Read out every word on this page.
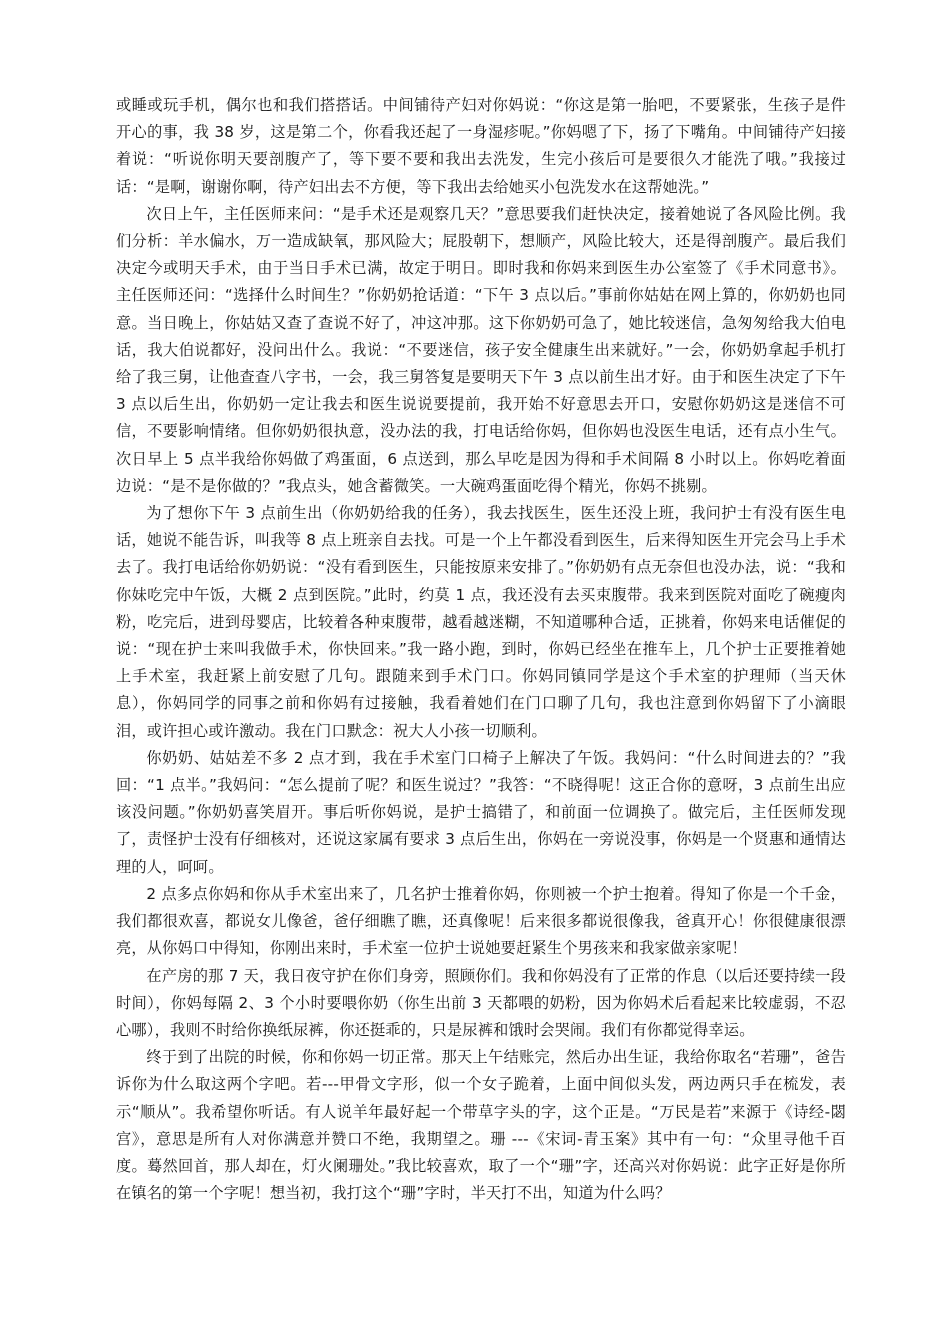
或睡或玩手机，偶尔也和我们搭搭话。中间铺待产妇对你妈说：“你这是第一胎吧，不要紧张，生孩子是件开心的事，我 38 岁，这是第二个，你看我还起了一身湿疹呢。”你妈嗯了下，扬了下嘴角。中间铺待产妇接着说：“听说你明天要剖腹产了，等下要不要和我出去洗发，生完小孩后可是要很久才能洗了哦。”我接过话：“是啊，谢谢你啊，待产妇出去不方便，等下我出去给她买小包洗发水在这帮她洗。”

次日上午，主任医师来问：“是手术还是观察几天？”意思要我们赶快决定，接着她说了各风险比例。我们分析：羊水偏水，万一造成缺氧，那风险大；屁股朝下，想顺产，风险比较大，还是得剖腹产。最后我们决定今或明天手术，由于当日手术已满，故定于明日。即时我和你妈来到医生办公室签了《手术同意书》。主任医师还问：“选择什么时间生？”你奶奶抢话道：“下午 3 点以后。”事前你姑姑在网上算的，你奶奶也同意。当日晚上，你姑姑又查了查说不好了，冲这冲那。这下你奶奶可急了，她比较迷信，急匆匆给我大伯电话，我大伯说都好，没问出什么。我说：“不要迷信，孩子安全健康生出来就好。”一会，你奶奶拿起手机打给了我三舅，让他查查八字书，一会，我三舅答复是要明天下午 3 点以前生出才好。由于和医生决定了下午 3 点以后生出，你奶奶一定让我去和医生说说要提前，我开始不好意思去开口，安慰你奶奶这是迷信不可信，不要影响情绪。但你奶奶很执意，没办法的我，打电话给你妈，但你妈也没医生电话，还有点小生气。次日早上 5 点半我给你妈做了鸡蛋面，6 点送到，那么早吃是因为得和手术间隔 8 小时以上。你妈吃着面边说：“是不是你做的？”我点头，她含蓄微笑。一大碗鸡蛋面吃得个精光，你妈不挑剔。

为了想你下午 3 点前生出（你奶奶给我的任务），我去找医生，医生还没上班，我问护士有没有医生电话，她说不能告诉，叫我等 8 点上班亲自去找。可是一个上午都没看到医生，后来得知医生开完会马上手术去了。我打电话给你奶奶说：“没有看到医生，只能按原来安排了。”你奶奶有点无奈但也没办法，说：“我和你妹吃完中午饭，大概 2 点到医院。”此时，约莫 1 点，我还没有去买束腹带。我来到医院对面吃了碗瘦肉粉，吃完后，进到母婴店，比较着各种束腹带，越看越迷糊，不知道哪种合适，正挑着，你妈来电话催促的说：“现在护士来叫我做手术，你快回来。”我一路小跑，到时，你妈已经坐在推车上，几个护士正要推着她上手术室，我赶紧上前安慰了几句。跟随来到手术门口。你妈同镇同学是这个手术室的护理师（当天休息），你妈同学的同事之前和你妈有过接触，我看着她们在门口聊了几句，我也注意到你妈留下了小滴眼泪，或许担心或许激动。我在门口默念：祝大人小孩一切顺利。

你奶奶、姑姑差不多 2 点才到，我在手术室门口椅子上解决了午饭。我妈问：“什么时间进去的？”我回：“1 点半。”我妈问：“怎么提前了呢？和医生说过？”我答：“不晓得呢！这正合你的意呀，3 点前生出应该没问题。”你奶奶喜笑眉开。事后听你妈说，是护士搞错了，和前面一位调换了。做完后，主任医师发现了，责怪护士没有仔细核对，还说这家属有要求 3 点后生出，你妈在一旁说没事，你妈是一个贤惠和通情达理的人，呵呵。

2 点多点你妈和你从手术室出来了，几名护士推着你妈，你则被一个护士抱着。得知了你是一个千金，我们都很欢喜，都说女儿像爸，爸仔细瞧了瞧，还真像呢！后来很多都说很像我，爸真开心！你很健康很漂亮，从你妈口中得知，你刚出来时，手术室一位护士说她要赶紧生个男孩来和我家做亲家呢！

在产房的那 7 天，我日夜守护在你们身旁，照顾你们。我和你妈没有了正常的作息（以后还要持续一段时间），你妈每隔 2、3 个小时要喂你奶（你生出前 3 天都喂的奶粉，因为你妈术后看起来比较虚弱，不忍心哪），我则不时给你换纸尿裤，你还挺乖的，只是尿裤和饿时会哭闹。我们有你都觉得幸运。

终于到了出院的时候，你和你妈一切正常。那天上午结账完，然后办出生证，我给你取名“若珊”，爸告诉你为什么取这两个字吧。若---甲骨文字形，似一个女子跪着，上面中间似头发，两边两只手在梳发，表示“顺从”。我希望你听话。有人说羊年最好起一个带草字头的字，这个正是。“万民是若”来源于《诗经-閟宫》，意思是所有人对你满意并赞口不绝，我期望之。珊 ---《宋词-青玉案》其中有一句：“众里寻他千百度。蓦然回首，那人却在，灯火阑珊处。”我比较喜欢，取了一个“珊”字，还高兴对你妈说：此字正好是你所在镇名的第一个字呢！想当初，我打这个“珊”字时，半天打不出，知道为什么吗？
